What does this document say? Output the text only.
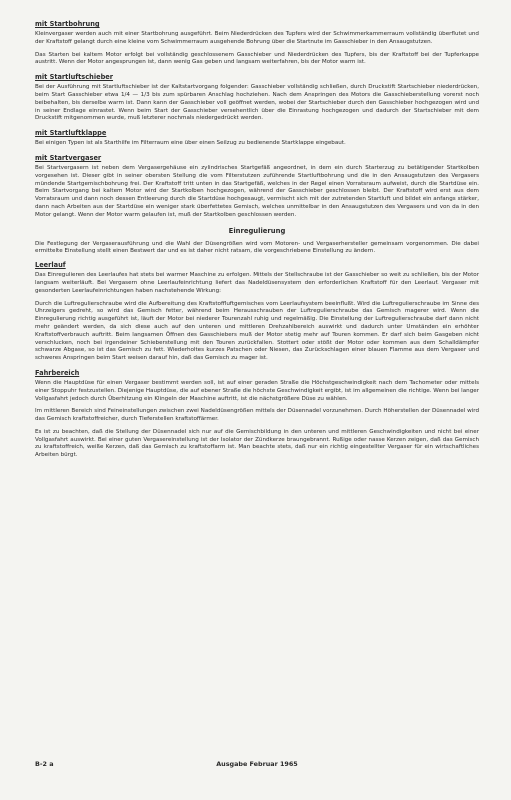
mit Startbohrung

Kleinvergaser werden auch mit einer Startbohrung ausgeführt. Beim Niederdrücken des Tupfers wird der Schwimmerkammerraum vollständig überflutet und der Kraftstoff gelangt durch eine kleine vom Schwimmerraum ausgehende Bohrung über die Startnute im Gasschieber in den Ansaugstutzen.

Das Starten bei kaltem Motor erfolgt bei vollständig geschlossenem Gasschieber und Niederdrücken des Tupfers, bis der Kraftstoff bei der Tupferkappe austritt. Wenn der Motor angesprungen ist, dann wenig Gas geben und langsam weiterfahren, bis der Motor warm ist.

mit Startluftschieber

Bei der Ausführung mit Startluftschieber ist der Kaltstartvorgang folgender: Gasschieber vollständig schließen, durch Druckstift Startschieber niederdrücken, beim Start Gasschieber etwa 1/4 — 1/3 bis zum spürbaren Anschlag hochziehen. Nach dem Anspringen des Motors die Gasschieberstellung vorerst noch beibehalten, bis derselbe warm ist. Dann kann der Gasschieber voll geöffnet werden, wobei der Startschieber durch den Gasschieber hochgezogen wird und in seiner Endlage einrastet. Wenn beim Start der Gasschieber versehentlich über die Einrastung hochgezogen und dadurch der Startschieber mit dem Druckstift mitgenommen wurde, muß letzterer nochmals niedergedrückt werden.

mit Startluftklappe

Bei einigen Typen ist als Starthilfe im Filterraum eine über einen Seilzug zu bedienende Startklappe eingebaut.

mit Startvergaser

Bei Startvergasern ist neben dem Vergasergehäuse ein zylindrisches Startgefäß angeordnet, in dem ein durch Starterzug zu betätigender Startkolben vorgesehen ist. Dieser gibt in seiner obersten Stellung die vom Filterstutzen zuführende Startluftbohrung und die in den Ansaugstutzen des Vergasers mündende Startgemischbohrung frei. Der Kraftstoff tritt unten in das Startgefäß, welches in der Regel einen Vorratsraum aufweist, durch die Startdüse ein. Beim Startvorgang bei kaltem Motor wird der Startkolben hochgezogen, während der Gasschieber geschlossen bleibt. Der Kraftstoff wird erst aus dem Vorratsraum und dann noch dessen Entleerung durch die Startdüse hochgesaugt, vermischt sich mit der zutretenden Startluft und bildet ein anfangs stärker, dann nach Arbeiten aus der Startdüse ein weniger stark überfettetes Gemisch, welches unmittelbar in den Ansaugstutzen des Vergasers und von da in den Motor gelangt. Wenn der Motor warm gelaufen ist, muß der Startkolben geschlossen werden.

Einregulierung

Die Festlegung der Vergaserausführung und die Wahl der Düsengrößen wird vom Motoren- und Vergaserhersteller gemeinsam vorgenommen. Die dabei ermittelte Einstellung stellt einen Bestwert dar und es ist daher nicht ratsam, die vorgeschriebene Einstellung zu ändern.

Leerlauf

Das Einregulieren des Leerlaufes hat stets bei warmer Maschine zu erfolgen. Mittels der Stellschraube ist der Gasschieber so weit zu schließen, bis der Motor langsam weiterläuft. Bei Vergasern ohne Leerlaufeinrichtung liefert das Nadeldüsensystem den erforderlichen Kraftstoff für den Leerlauf. Vergaser mit gesonderten Leerlaufeinrichtungen haben nachstehende Wirkung:

Durch die Luftregulierschraube wird die Aufbereitung des Kraftstoffluftgemisches vom Leerlaufsystem beeinflußt. Wird die Luftregulierschraube im Sinne des Uhrzeigers gedreht, so wird das Gemisch fetter, während beim Herausschrauben der Luftregulierschraube das Gemisch magerer wird. Wenn die Einregulierung richtig ausgeführt ist, läuft der Motor bei niederer Tourenzahl ruhig und regelmäßig. Die Einstellung der Luftregulierschraube darf dann nicht mehr geändert werden, da sich diese auch auf den unteren und mittleren Drehzahlbereich auswirkt und dadurch unter Umständen ein erhöhter Kraftstoffverbrauch auftritt. Beim langsamen Öffnen des Gasschiebers muß der Motor stetig mehr auf Touren kommen. Er darf sich beim Gasgeben nicht verschlucken, noch bei irgendeiner Schieberstellung mit den Touren zurückfallen. Stottert oder stößt der Motor oder kommen aus dem Schalldämpfer schwarze Abgase, so ist das Gemisch zu fett. Wiederholtes kurzes Patschen oder Niesen, das Zurückschlagen einer blauen Flamme aus dem Vergaser und schweres Anspringen beim Start weisen darauf hin, daß das Gemisch zu mager ist.

Fahrbereich

Wenn die Hauptdüse für einen Vergaser bestimmt werden soll, ist auf einer geraden Straße die Höchstgeschwindigkeit nach dem Tachometer oder mittels einer Stoppuhr festzustellen. Diejenige Hauptdüse, die auf ebener Straße die höchste Geschwindigkeit ergibt, ist im allgemeinen die richtige. Wenn bei langer Vollgasfahrt jedoch durch Überhitzung ein Klingeln der Maschine auftritt, ist die nächstgrößere Düse zu wählen.

Im mittleren Bereich sind Feineinstellungen zwischen zwei Nadeldüsengrößen mittels der Düsennadel vorzunehmen. Durch Höherstellen der Düsennadel wird das Gemisch kraftstoffreicher, durch Tieferstellen kraftstoffärmer.

Es ist zu beachten, daß die Stellung der Düsennadel sich nur auf die Gemischbildung in den unteren und mittleren Geschwindigkeiten und nicht bei einer Vollgasfahrt auswirkt. Bei einer guten Vergasereinstellung ist der Isolator der Zündkerze braungebrannt. Rußige oder nasse Kerzen zeigen, daß das Gemisch zu kraftstoffreich, weiße Kerzen, daß das Gemisch zu kraftstoffarm ist. Man beachte stets, daß nur ein richtig eingestellter Vergaser für ein wirtschaftliches Arbeiten bürgt.

B-2 a	Ausgabe Februar 1965
